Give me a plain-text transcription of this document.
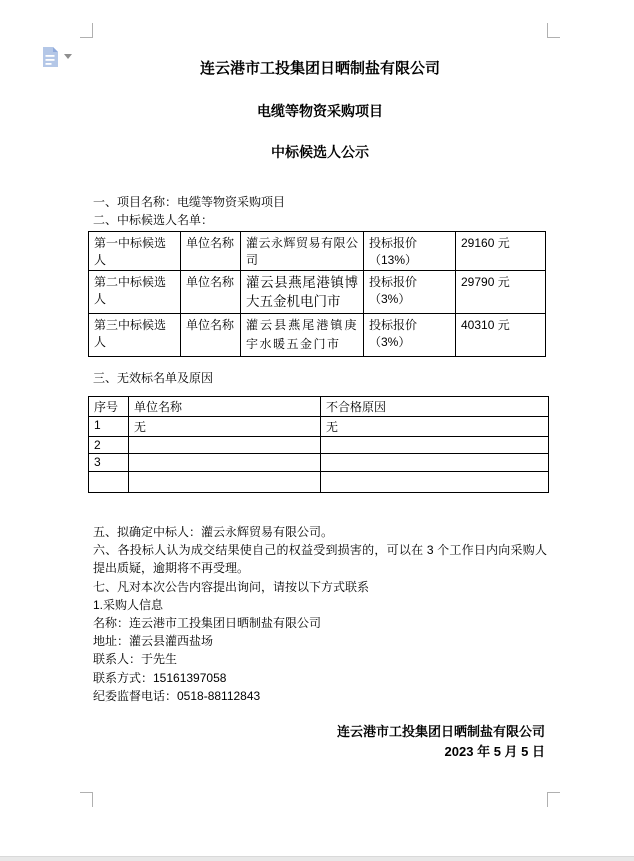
连云港市工投集团日晒制盐有限公司
电缆等物资采购项目
中标候选人公示
一、项目名称：电缆等物资采购项目
二、中标候选人名单：
第一中标候选人	单位名称	灌云永辉贸易有限公司	投标报价（13%）	29160 元
第二中标候选人	单位名称	灌云县燕尾港镇博大五金机电门市	投标报价（3%）	29790 元
第三中标候选人	单位名称	灌云县燕尾港镇庚宇水暖五金门市	投标报价（3%）	40310 元
三、无效标名单及原因
序号	单位名称	不合格原因
1	无	无
2		
3		

五、拟确定中标人：灌云永辉贸易有限公司。
六、各投标人认为成交结果使自己的权益受到损害的，可以在 3 个工作日内向采购人提出质疑，逾期将不再受理。
七、凡对本次公告内容提出询问，请按以下方式联系
1.采购人信息
名称：连云港市工投集团日晒制盐有限公司
地址：灌云县灌西盐场
联系人：于先生
联系方式：15161397058
纪委监督电话：0518-88112843
连云港市工投集团日晒制盐有限公司
2023 年 5 月 5 日
